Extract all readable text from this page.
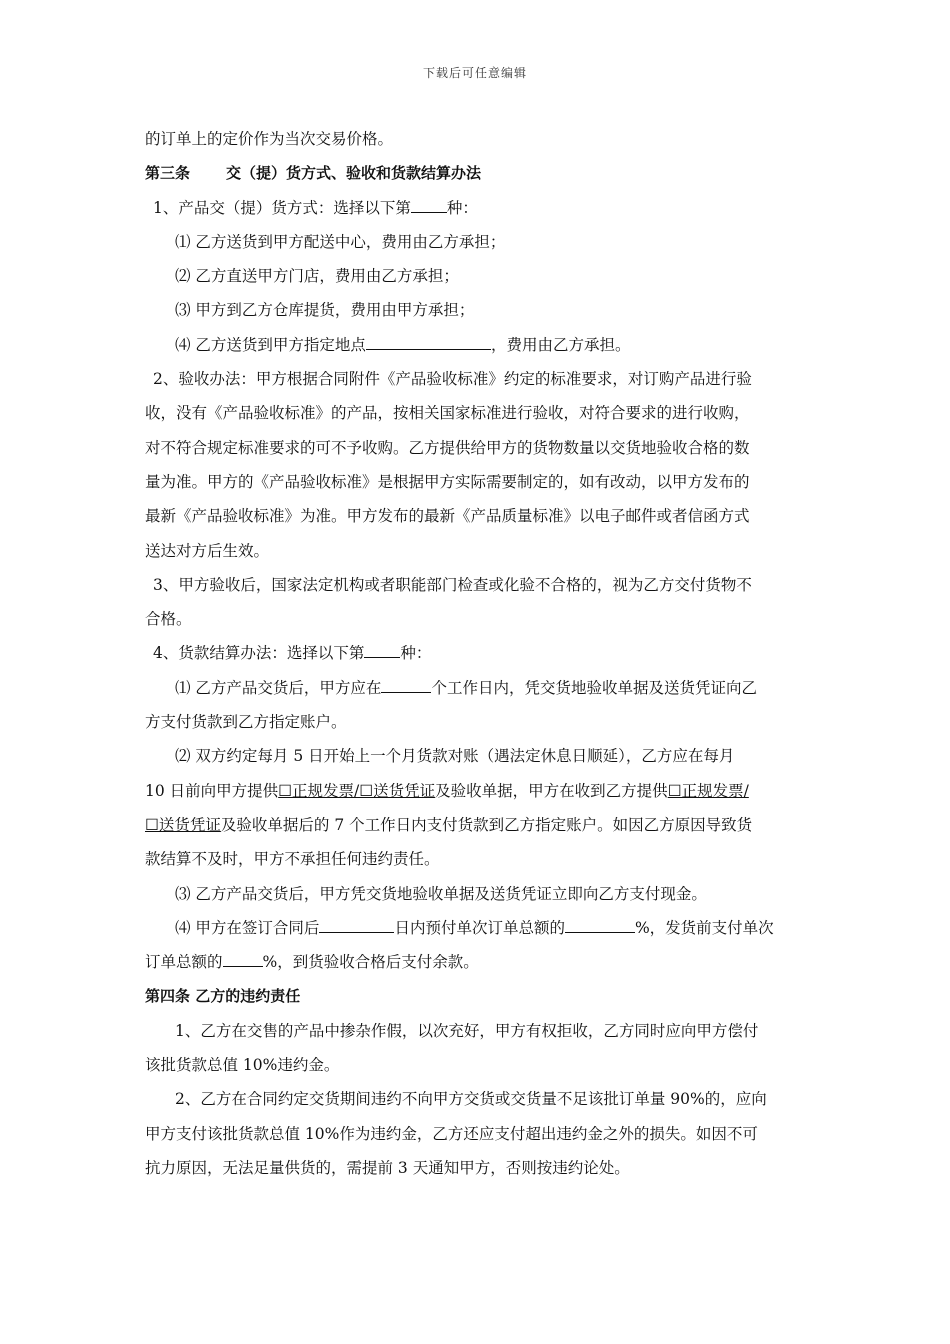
下载后可任意编辑
的订单上的定价作为当次交易价格。
第三条 交（提）货方式、验收和货款结算办法
1、产品交（提）货方式：选择以下第 种：
⑴ 乙方送货到甲方配送中心，费用由乙方承担；
⑵ 乙方直送甲方门店，费用由乙方承担；
⑶ 甲方到乙方仓库提货，费用由甲方承担；
⑷ 乙方送货到甲方指定地点	，费用由乙方承担。
2、验收办法：甲方根据合同附件《产品验收标准》约定的标准要求，对订购产品进行验
收，没有《产品验收标准》的产品，按相关国家标准进行验收，对符合要求的进行收购，
对不符合规定标准要求的可不予收购。乙方提供给甲方的货物数量以交货地验收合格的数
量为准。甲方的《产品验收标准》是根据甲方实际需要制定的，如有改动，以甲方发布的
最新《产品验收标准》为准。甲方发布的最新《产品质量标准》以电子邮件或者信函方式
送达对方后生效。
3、甲方验收后，国家法定机构或者职能部门检查或化验不合格的，视为乙方交付货物不
合格。
4、货款结算办法：选择以下第 种：
⑴ 乙方产品交货后，甲方应在	个工作日内，凭交货地验收单据及送货凭证向乙
方支付货款到乙方指定账户。
⑵ 双方约定每月 5 日开始上一个月货款对账（遇法定休息日顺延），乙方应在每月
10 日前向甲方提供☐正规发票/☐送货凭证及验收单据，甲方在收到乙方提供☐正规发票/
☐送货凭证及验收单据后的 7 个工作日内支付货款到乙方指定账户。如因乙方原因导致货
款结算不及时，甲方不承担任何违约责任。
⑶ 乙方产品交货后，甲方凭交货地验收单据及送货凭证立即向乙方支付现金。
⑷ 甲方在签订合同后	日内预付单次订单总额的	%，发货前支付单次
订单总额的	%，到货验收合格后支付余款。
第四条 乙方的违约责任
1、乙方在交售的产品中掺杂作假，以次充好，甲方有权拒收，乙方同时应向甲方偿付
该批货款总值 10%违约金。
2、乙方在合同约定交货期间违约不向甲方交货或交货量不足该批订单量 90%的，应向
甲方支付该批货款总值 10%作为违约金，乙方还应支付超出违约金之外的损失。如因不可
抗力原因，无法足量供货的，需提前 3 天通知甲方，否则按违约论处。
